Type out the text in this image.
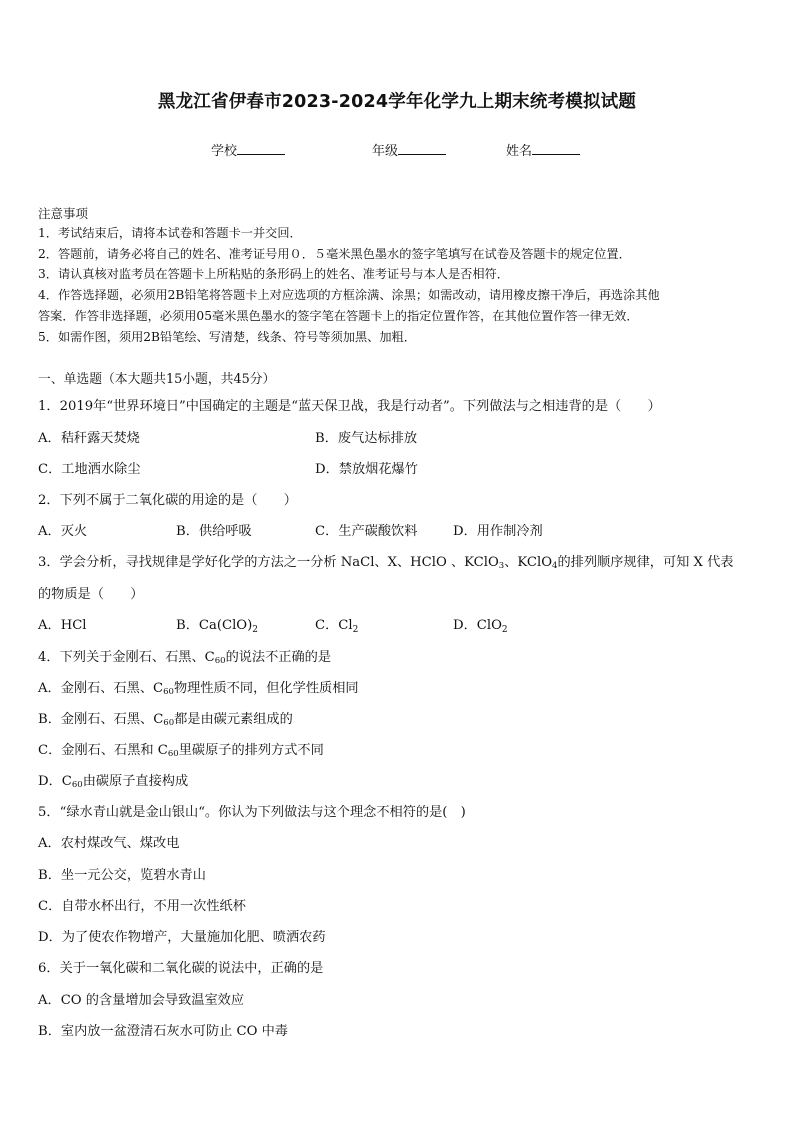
黑龙江省伊春市2023-2024学年化学九上期末统考模拟试题
学校	年级	姓名
注意事项
1．考试结束后，请将本试卷和答题卡一并交回．
2．答题前，请务必将自己的姓名、准考证号用０．５毫米黑色墨水的签字笔填写在试卷及答题卡的规定位置．
3．请认真核对监考员在答题卡上所粘贴的条形码上的姓名、准考证号与本人是否相符．
4．作答选择题，必须用2B铅笔将答题卡上对应选项的方框涂满、涂黑；如需改动，请用橡皮擦干净后，再选涂其他
答案．作答非选择题，必须用05毫米黑色墨水的签字笔在答题卡上的指定位置作答，在其他位置作答一律无效．
5．如需作图，须用2B铅笔绘、写清楚，线条、符号等须加黑、加粗．
一、单选题（本大题共15小题，共45分）
1．2019年“世界环境日”中国确定的主题是“蓝天保卫战，我是行动者”。下列做法与之相违背的是（　　）
A．秸秆露天焚烧	B．废气达标排放
C．工地洒水除尘	D．禁放烟花爆竹
2．下列不属于二氧化碳的用途的是（　　）
A．灭火	B．供给呼吸	C．生产碳酸饮料	D．用作制冷剂
3．学会分析，寻找规律是学好化学的方法之一分析 NaCl、X、HClO 、KClO3、KClO4的排列顺序规律，可知 X 代表
的物质是（　　）
A．HCl	B．$Ca(ClO)_2$	C．$Cl_2$	D．ClO$_2$
4．下列关于金刚石、石黑、C60的说法不正确的是
A．金刚石、石黑、C60物理性质不同，但化学性质相同
B．金刚石、石黑、C60都是由碳元素组成的
C．金刚石、石黑和 C60里碳原子的排列方式不同
D．C60由碳原子直接构成
5．“绿水青山就是金山银山“。你认为下列做法与这个理念不相符的是(　)
A．农村煤改气、煤改电
B．坐一元公交，览碧水青山
C．自带水杯出行，不用一次性纸杯
D．为了使农作物增产，大量施加化肥、喷洒农药
6．关于一氧化碳和二氧化碳的说法中，正确的是
A．CO 的含量增加会导致温室效应
B．室内放一盆澄清石灰水可防止 CO 中毒
